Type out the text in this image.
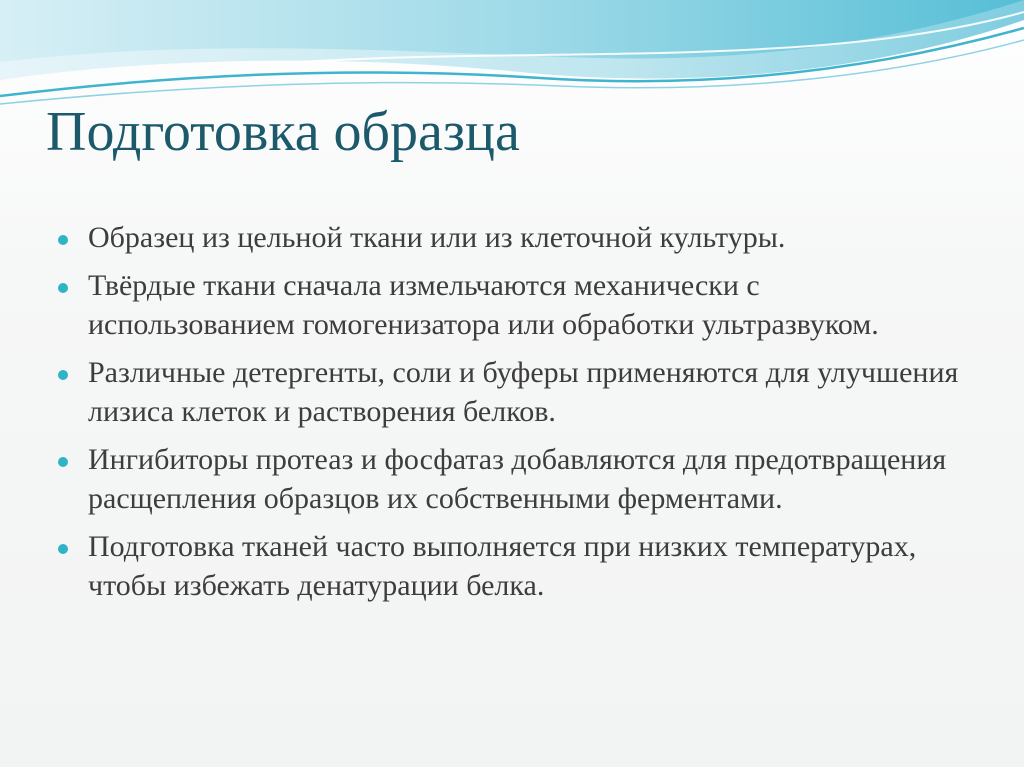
Подготовка образца
Образец из цельной ткани или из клеточной культуры.
Твёрдые ткани сначала измельчаются механически с использованием гомогенизатора или обработки ультразвуком.
Различные детергенты, соли и буферы применяются для улучшения лизиса клеток и растворения белков.
Ингибиторы протеаз и фосфатаз добавляются для предотвращения расщепления образцов их собственными ферментами.
Подготовка тканей часто выполняется при низких температурах, чтобы избежать денатурации белка.
